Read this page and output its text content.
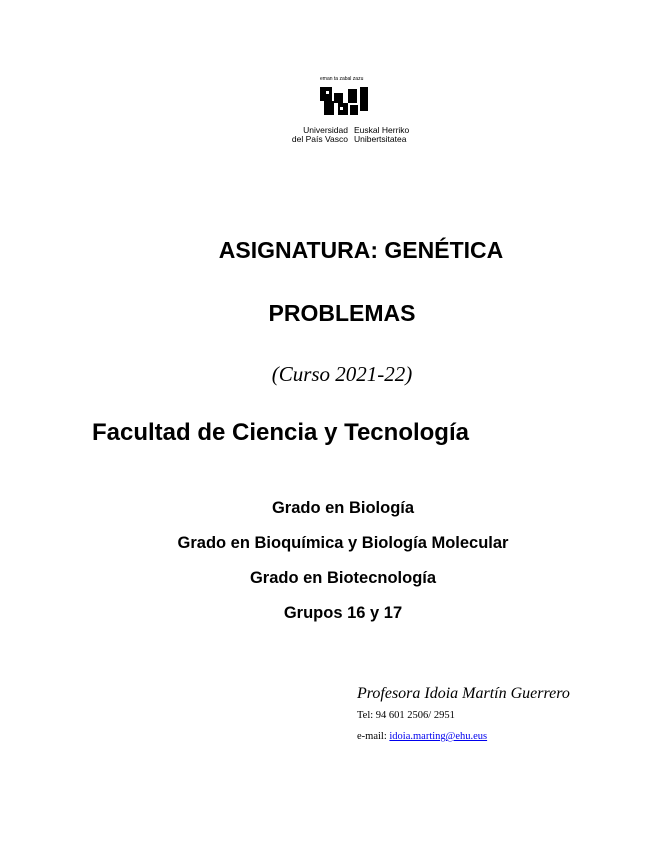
eman ta zabal zazu
Universidad
del País Vasco
Euskal Herriko
Unibertsitatea
ASIGNATURA: GENÉTICA
PROBLEMAS
(Curso 2021-22)
Facultad de Ciencia y Tecnología
Grado en Biología
Grado en Bioquímica y Biología Molecular
Grado en Biotecnología
Grupos 16 y 17
Profesora Idoia Martín Guerrero
Tel: 94 601 2506/ 2951
e-mail: idoia.marting@ehu.eus
